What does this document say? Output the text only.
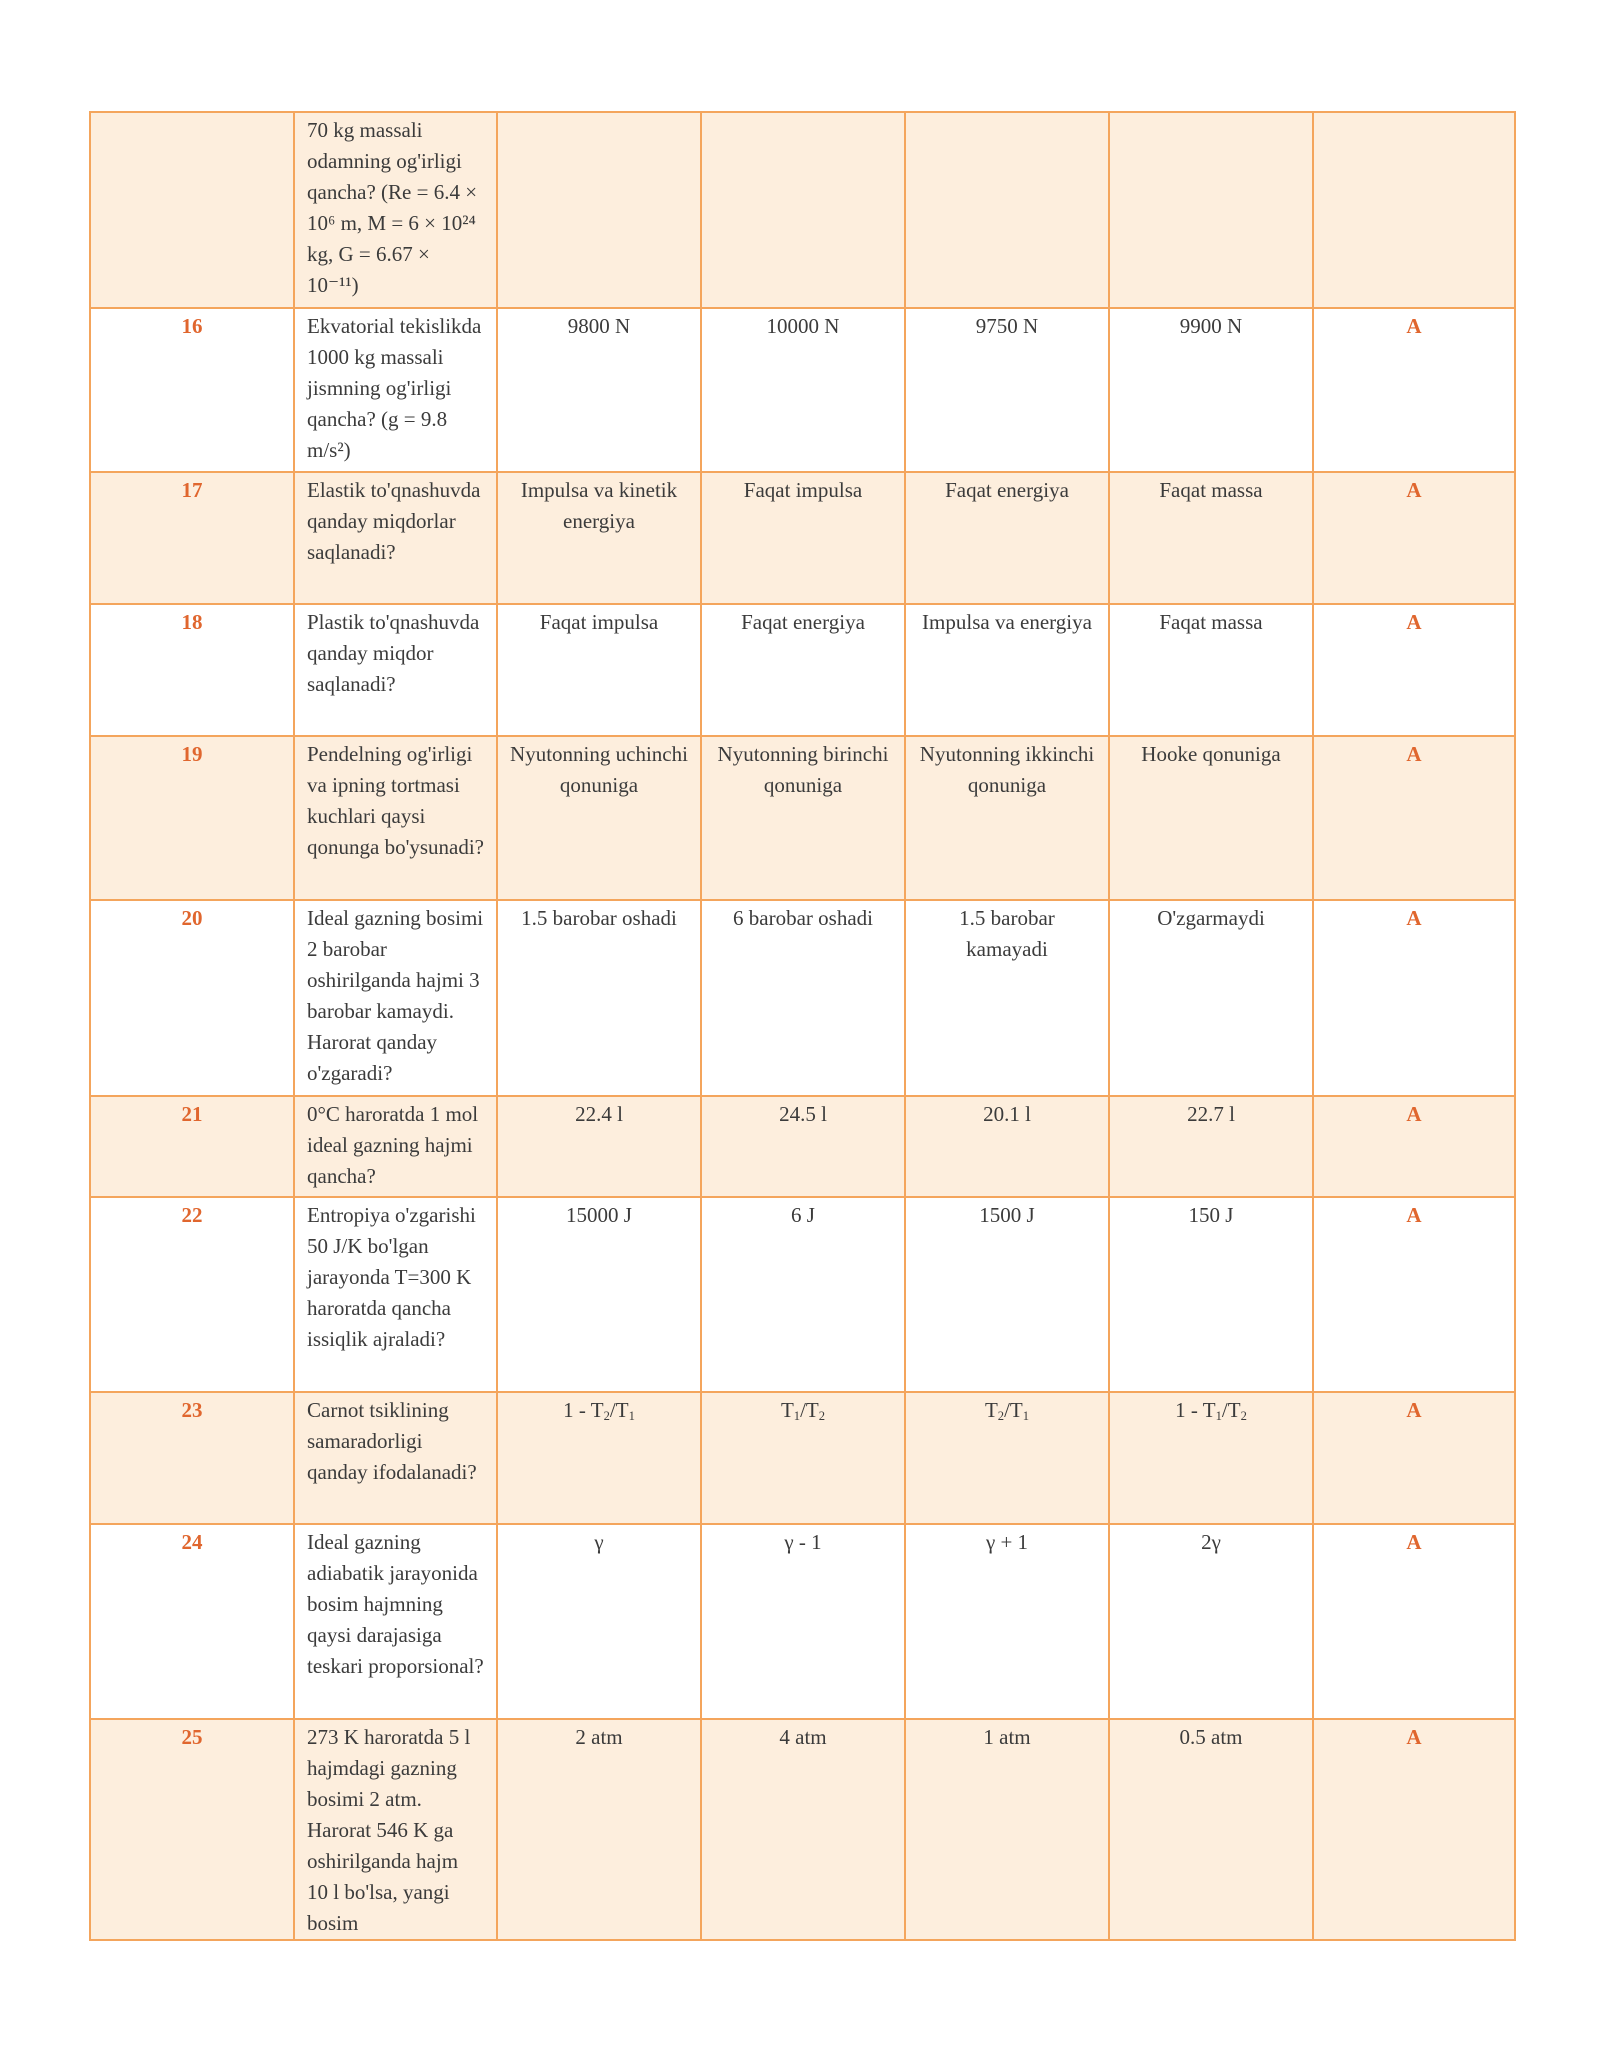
	70 kg massali odamning og'irligi qancha? (Re = 6.4 × 10⁶ m, M = 6 × 10²⁴ kg, G = 6.67 × 10⁻¹¹)					
16	Ekvatorial tekislikda 1000 kg massali jismning og'irligi qancha? (g = 9.8 m/s²)	9800 N	10000 N	9750 N	9900 N	A
17	Elastik to'qnashuvda qanday miqdorlar saqlanadi?	Impulsa va kinetik energiya	Faqat impulsa	Faqat energiya	Faqat massa	A
18	Plastik to'qnashuvda qanday miqdor saqlanadi?	Faqat impulsa	Faqat energiya	Impulsa va energiya	Faqat massa	A
19	Pendelning og'irligi va ipning tortmasi kuchlari qaysi qonunga bo'ysunadi?	Nyutonning uchinchi qonuniga	Nyutonning birinchi qonuniga	Nyutonning ikkinchi qonuniga	Hooke qonuniga	A
20	Ideal gazning bosimi 2 barobar oshirilganda hajmi 3 barobar kamaydi. Harorat qanday o'zgaradi?	1.5 barobar oshadi	6 barobar oshadi	1.5 barobar kamayadi	O'zgarmaydi	A
21	0°C haroratda 1 mol ideal gazning hajmi qancha?	22.4 l	24.5 l	20.1 l	22.7 l	A
22	Entropiya o'zgarishi 50 J/K bo'lgan jarayonda T=300 K haroratda qancha issiqlik ajraladi?	15000 J	6 J	1500 J	150 J	A
23	Carnot tsiklining samaradorligi qanday ifodalanadi?	$1 - T_2/T_1$	$T_1/T_2$	$T_2/T_1$	$1 - T_1/T_2$	A
24	Ideal gazning adiabatik jarayonida bosim hajmning qaysi darajasiga teskari proporsional?	γ	γ - 1	γ + 1	2γ	A
25	273 K haroratda 5 l hajmdagi gazning bosimi 2 atm. Harorat 546 K ga oshirilganda hajm 10 l bo'lsa, yangi bosim	2 atm	4 atm	1 atm	0.5 atm	A
